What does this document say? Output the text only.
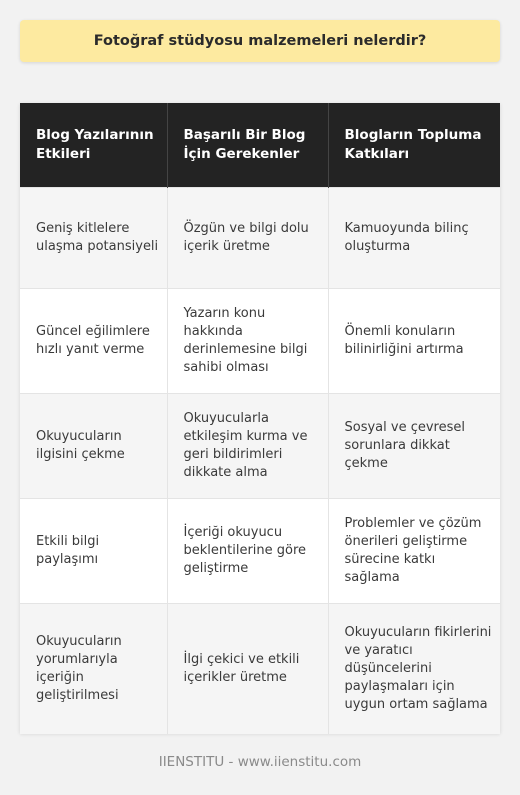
Fotoğraf stüdyosu malzemeleri nelerdir?
Blog Yazılarının Etkileri	Başarılı Bir Blog İçin Gerekenler	Blogların Topluma Katkıları
Geniş kitlelere ulaşma potansiyeli	Özgün ve bilgi dolu içerik üretme	Kamuoyunda bilinç oluşturma
Güncel eğilimlere hızlı yanıt verme	Yazarın konu hakkında derinlemesine bilgi sahibi olması	Önemli konuların bilinirliğini artırma
Okuyucuların ilgisini çekme	Okuyucularla etkileşim kurma ve geri bildirimleri dikkate alma	Sosyal ve çevresel sorunlara dikkat çekme
Etkili bilgi paylaşımı	İçeriği okuyucu beklentilerine göre geliştirme	Problemler ve çözüm önerileri geliştirme sürecine katkı sağlama
Okuyucuların yorumlarıyla içeriğin geliştirilmesi	İlgi çekici ve etkili içerikler üretme	Okuyucuların fikirlerini ve yaratıcı düşüncelerini paylaşmaları için uygun ortam sağlama
IIENSTITU - www.iienstitu.com
